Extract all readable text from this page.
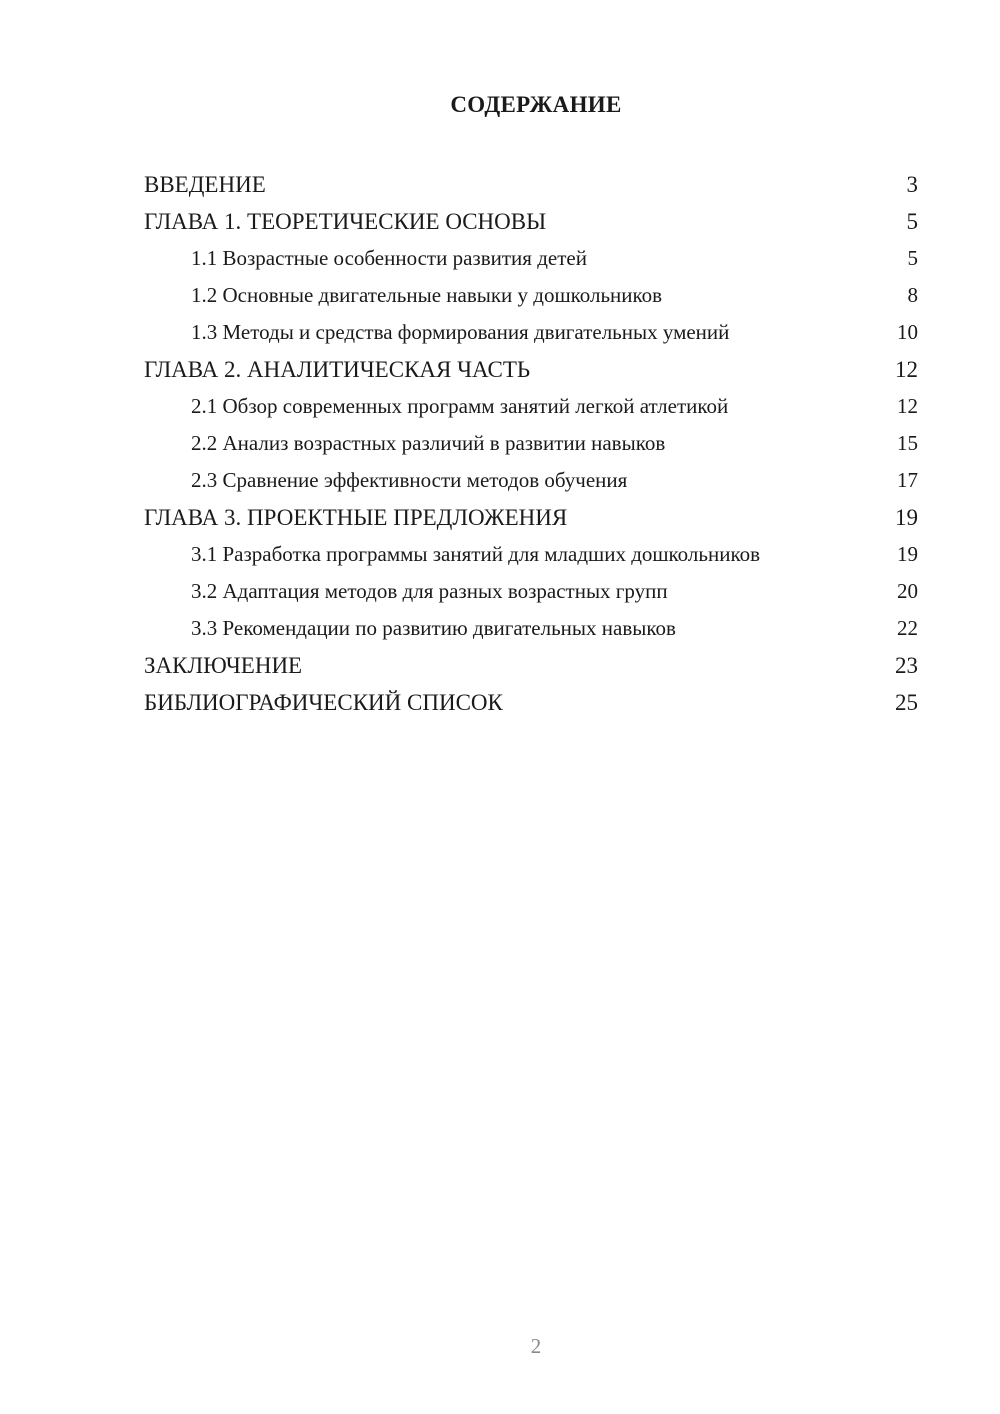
СОДЕРЖАНИЕ
ВВЕДЕНИЕ	3
ГЛАВА 1. ТЕОРЕТИЧЕСКИЕ ОСНОВЫ	5
1.1 Возрастные особенности развития детей	5
1.2 Основные двигательные навыки у дошкольников	8
1.3 Методы и средства формирования двигательных умений	10
ГЛАВА 2. АНАЛИТИЧЕСКАЯ ЧАСТЬ	12
2.1 Обзор современных программ занятий легкой атлетикой	12
2.2 Анализ возрастных различий в развитии навыков	15
2.3 Сравнение эффективности методов обучения	17
ГЛАВА 3. ПРОЕКТНЫЕ ПРЕДЛОЖЕНИЯ	19
3.1 Разработка программы занятий для младших дошкольников	19
3.2 Адаптация методов для разных возрастных групп	20
3.3 Рекомендации по развитию двигательных навыков	22
ЗАКЛЮЧЕНИЕ	23
БИБЛИОГРАФИЧЕСКИЙ СПИСОК	25
2
